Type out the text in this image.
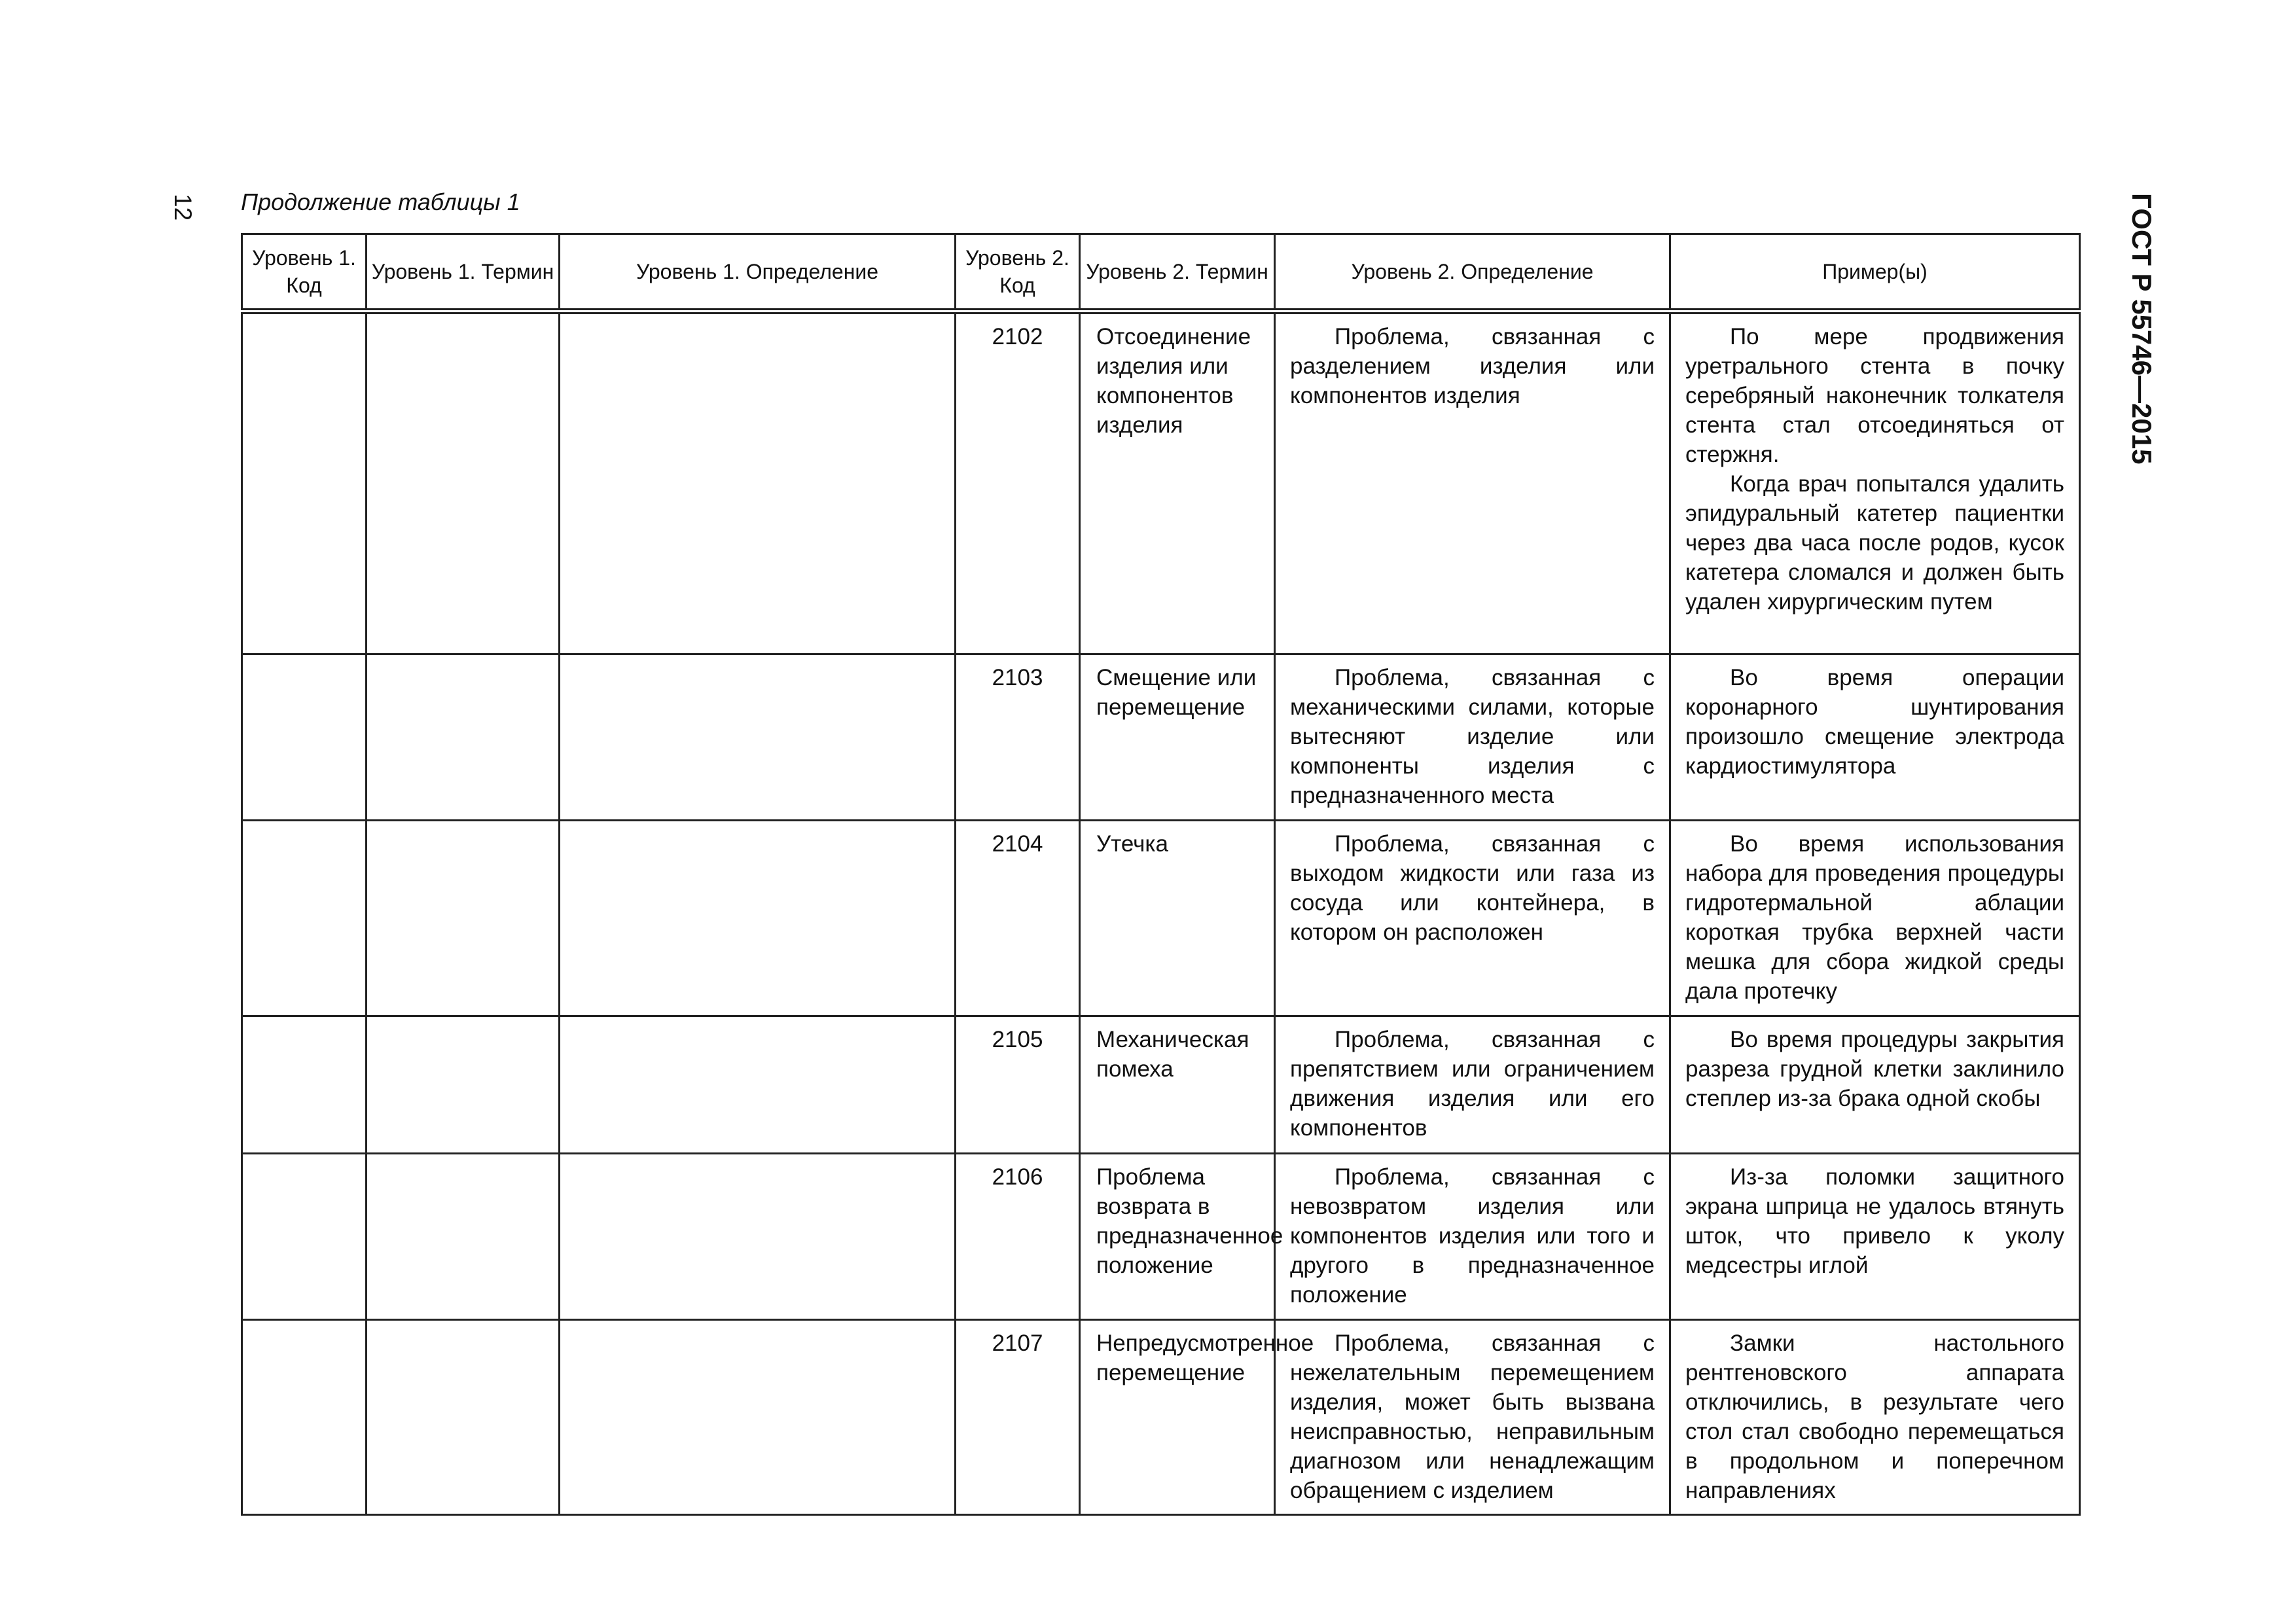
12 Продолжение таблицы 1	ГОСТ Р 55746—2015
Уровень 1. Код	Уровень 1. Термин	Уровень 1. Определение	Уровень 2. Код	Уровень 2. Термин	Уровень 2. Определение	Пример(ы)
			2102	Отсоединение изделия или компонентов изделия	Проблема, связанная с разделением изделия или компонентов изделия	По мере продвижения уретрального стента в почку серебряный наконечник толкателя стента стал отсоединяться от стержня.

Когда врач попытался удалить эпидуральный катетер пациентки через два часа после родов, кусок катетера сломался и должен быть удален хирургическим путем

			2103	Смещение или перемещение	Проблема, связанная с механическими силами, которые вытесняют изделие или компоненты изделия с предназначенного места	Во время операции коронарного шунтирования произошло смещение электрода кардиостимулятора
			2104	Утечка	Проблема, связанная с выходом жидкости или газа из сосуда или контейнера, в котором он расположен	Во время использования набора для проведения процедуры гидротермальной аблации короткая трубка верхней части мешка для сбора жидкой среды дала протечку
			2105	Механическая помеха	Проблема, связанная с препятствием или ограничением движения изделия или его компонентов	Во время процедуры закрытия разреза грудной клетки заклинило степлер из-за брака одной скобы
			2106	Проблема возврата в предназначенное положение	Проблема, связанная с невозвратом изделия или компонентов изделия или того и другого в предназначенное положение	Из-за поломки защитного экрана шприца не удалось втянуть шток, что привело к уколу медсестры иглой
			2107	Непредусмотренное перемещение	Проблема, связанная с нежелательным перемещением изделия, может быть вызвана неисправностью, неправильным диагнозом или ненадлежащим обращением с изделием	Замки настольного рентгеновского аппарата отключились, в результате чего стол стал свободно перемещаться в продольном и поперечном направлениях
